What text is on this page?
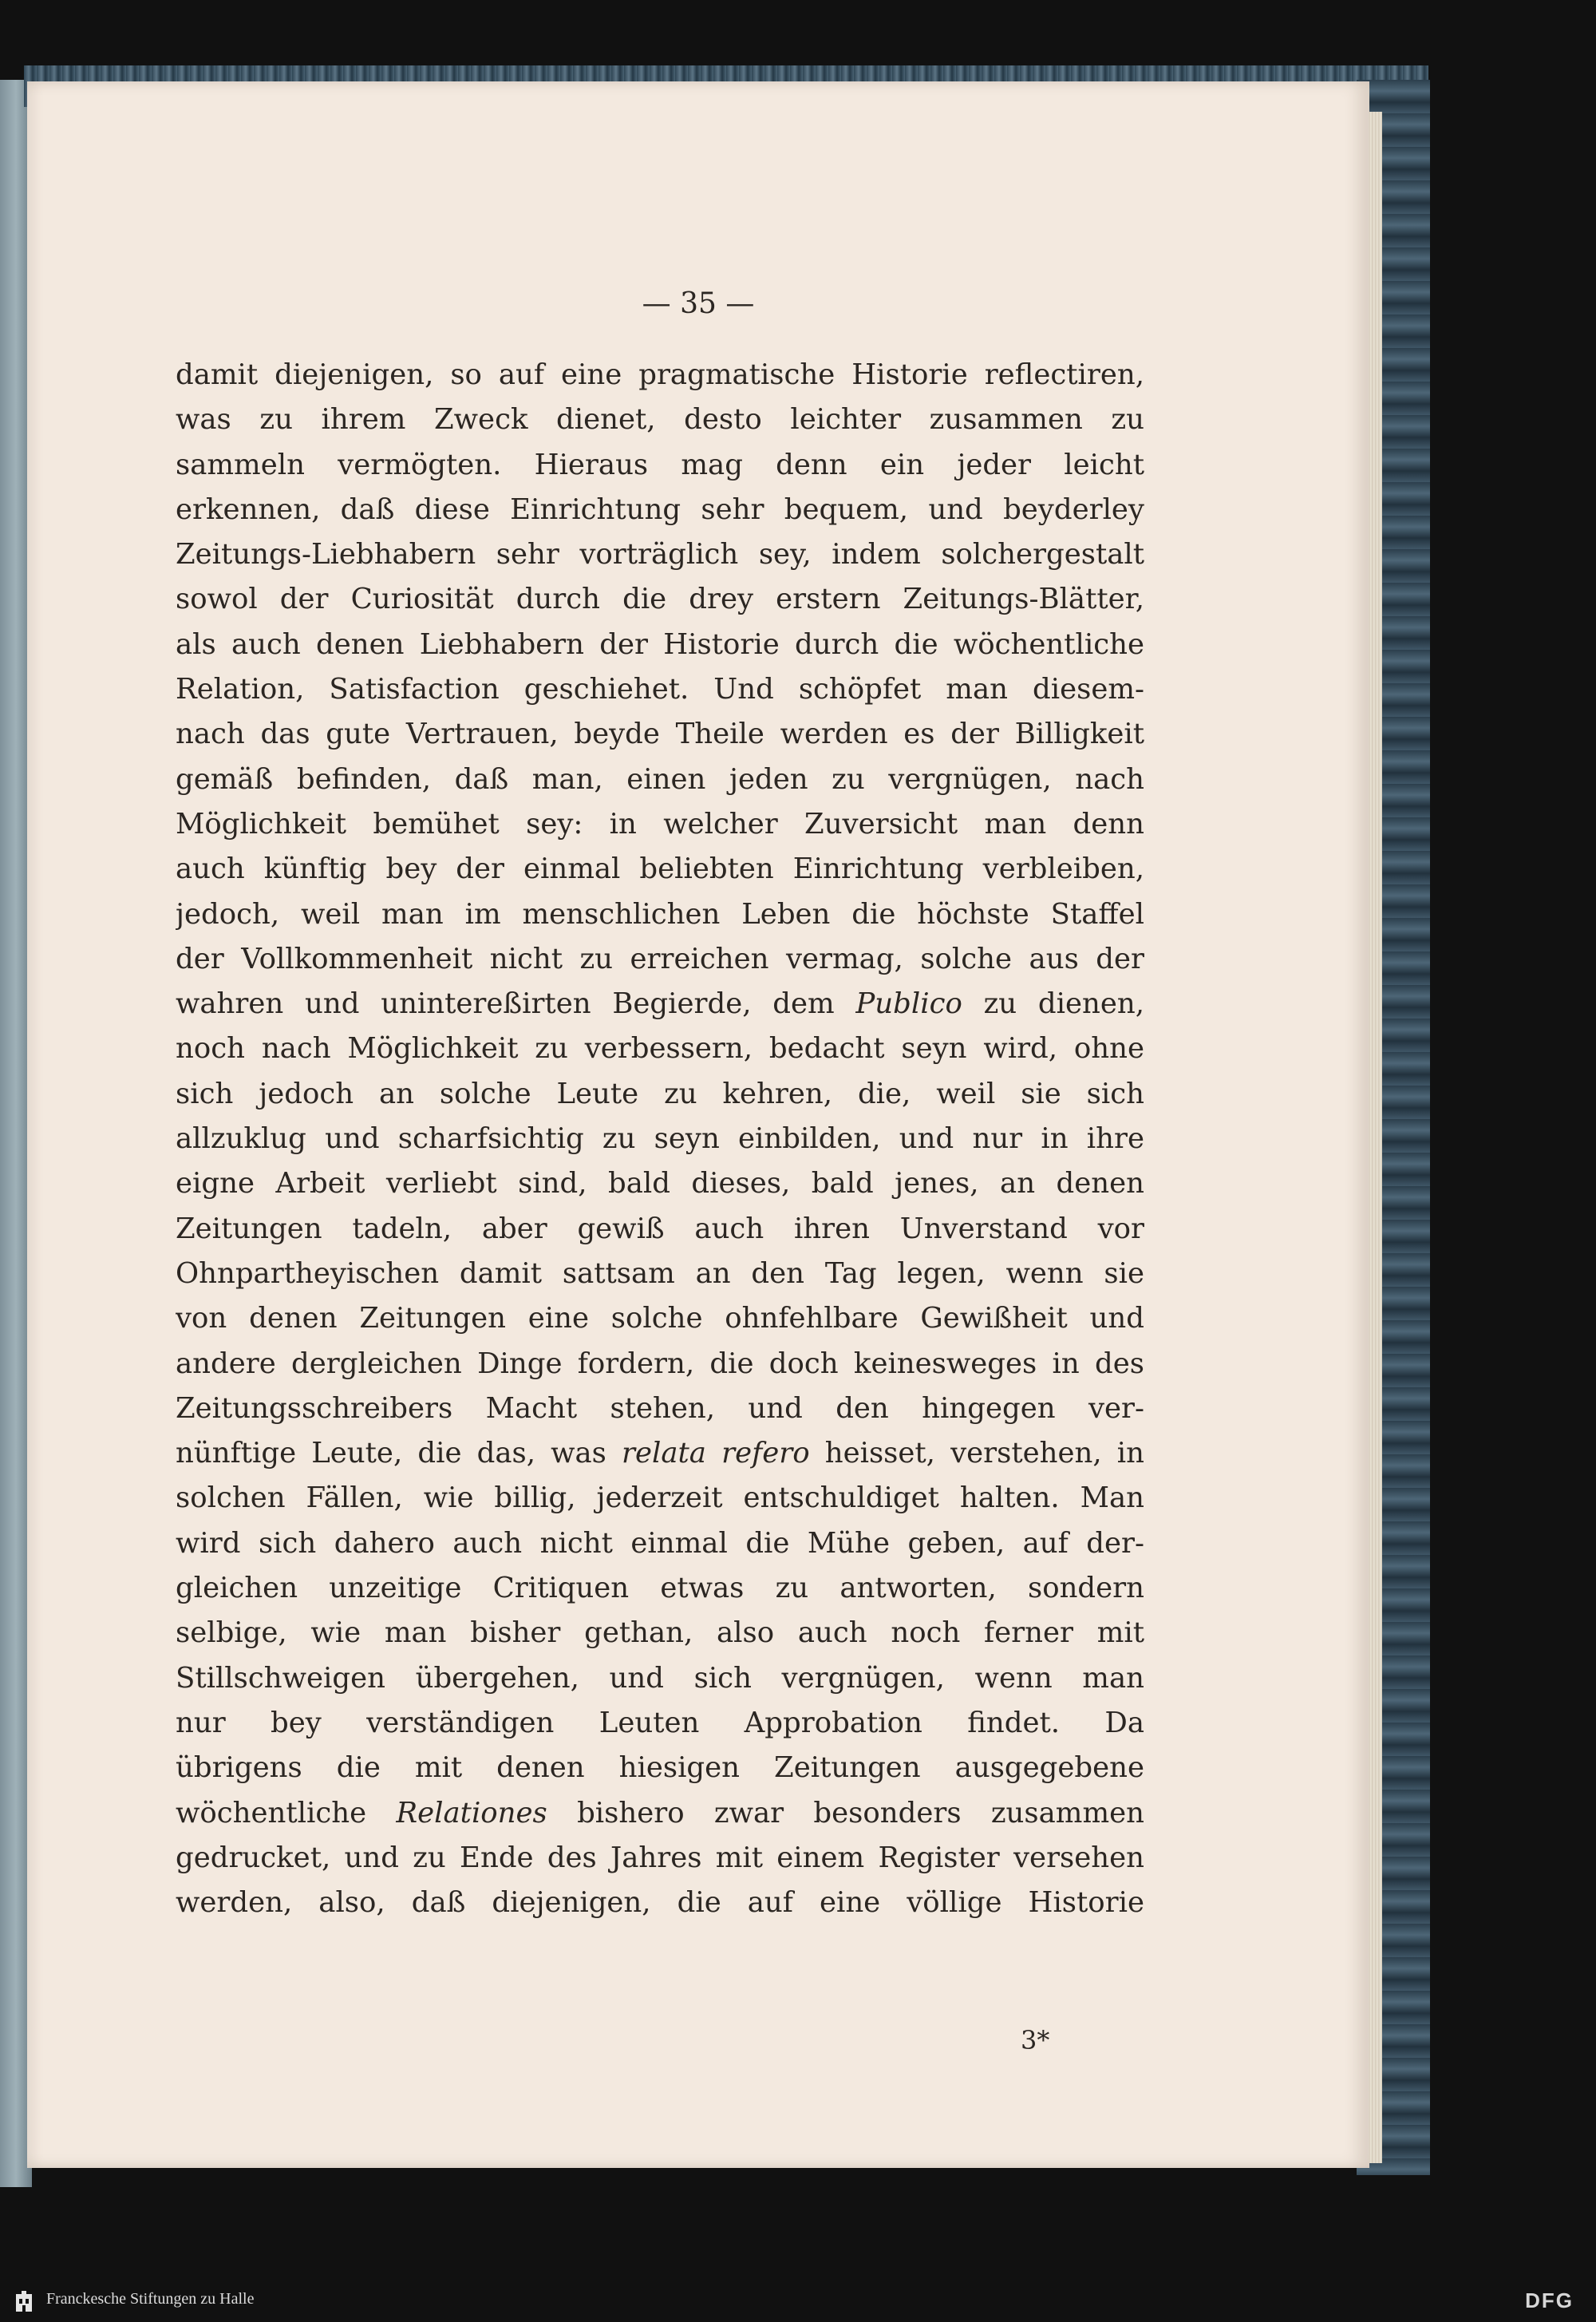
— 35 —

damit diejenigen, so auf eine pragmatische Historie reflectiren,
was zu ihrem Zweck dienet, desto leichter zusammen zu
sammeln vermögten. Hieraus mag denn ein jeder leicht
erkennen, daß diese Einrichtung sehr bequem, und beyderley
Zeitungs-Liebhabern sehr vorträglich sey, indem solchergestalt
sowol der Curiosität durch die drey erstern Zeitungs-Blätter,
als auch denen Liebhabern der Historie durch die wöchentliche
Relation, Satisfaction geschiehet. Und schöpfet man diesem-
nach das gute Vertrauen, beyde Theile werden es der Billigkeit
gemäß befinden, daß man, einen jeden zu vergnügen, nach
Möglichkeit bemühet sey: in welcher Zuversicht man denn
auch künftig bey der einmal beliebten Einrichtung verbleiben,
jedoch, weil man im menschlichen Leben die höchste Staffel
der Vollkommenheit nicht zu erreichen vermag, solche aus der
wahren und unintereßirten Begierde, dem Publico zu dienen,
noch nach Möglichkeit zu verbessern, bedacht seyn wird, ohne
sich jedoch an solche Leute zu kehren, die, weil sie sich
allzuklug und scharfsichtig zu seyn einbilden, und nur in ihre
eigne Arbeit verliebt sind, bald dieses, bald jenes, an denen
Zeitungen tadeln, aber gewiß auch ihren Unverstand vor
Ohnpartheyischen damit sattsam an den Tag legen, wenn sie
von denen Zeitungen eine solche ohnfehlbare Gewißheit und
andere dergleichen Dinge fordern, die doch keinesweges in des
Zeitungsschreibers Macht stehen, und den hingegen ver-
nünftige Leute, die das, was relata refero heisset, verstehen, in
solchen Fällen, wie billig, jederzeit entschuldiget halten. Man
wird sich dahero auch nicht einmal die Mühe geben, auf der-
gleichen unzeitige Critiquen etwas zu antworten, sondern
selbige, wie man bisher gethan, also auch noch ferner mit
Stillschweigen übergehen, und sich vergnügen, wenn man
nur bey verständigen Leuten Approbation findet. Da
übrigens die mit denen hiesigen Zeitungen ausgegebene
wöchentliche Relationes bishero zwar besonders zusammen
gedrucket, und zu Ende des Jahres mit einem Register versehen
werden, also, daß diejenigen, die auf eine völlige Historie

3*

Franckesche Stiftungen zu Halle	DFG
